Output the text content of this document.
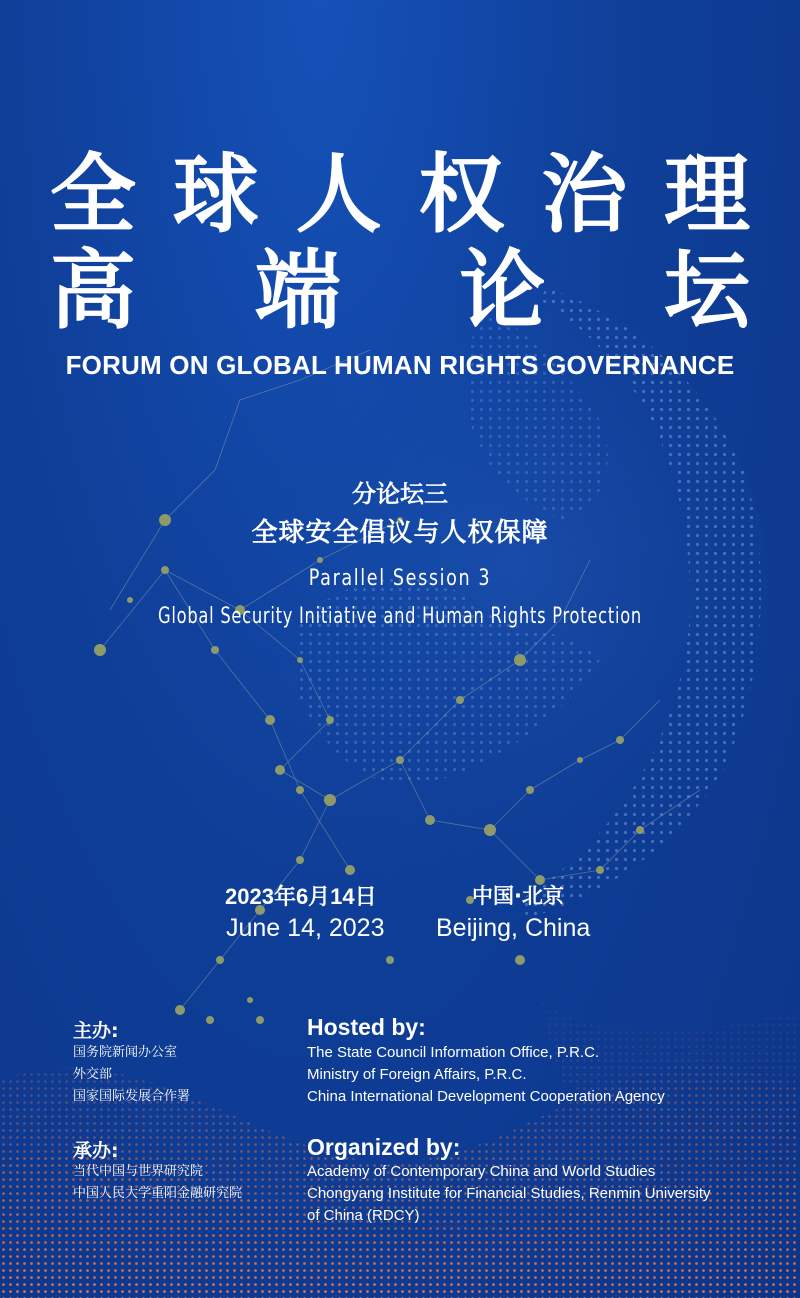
全 球 人 权 治 理
高 端 论 坛
FORUM ON GLOBAL HUMAN RIGHTS GOVERNANCE
分论坛三
全球安全倡议与人权保障
Parallel Session 3
Global Security Initiative and Human Rights Protection
2023年6月14日	中国·北京
June 14, 2023 Beijing, China
主办:	Hosted by:
国务院新闻办公室
外交部
国家国际发展合作署
The State Council Information Office, P.R.C.
Ministry of Foreign Affairs, P.R.C.
China International Development Cooperation Agency
承办:	Organized by:
当代中国与世界研究院
中国人民大学重阳金融研究院
Academy of Contemporary China and World Studies
Chongyang Institute for Financial Studies, Renmin University
of China (RDCY)
